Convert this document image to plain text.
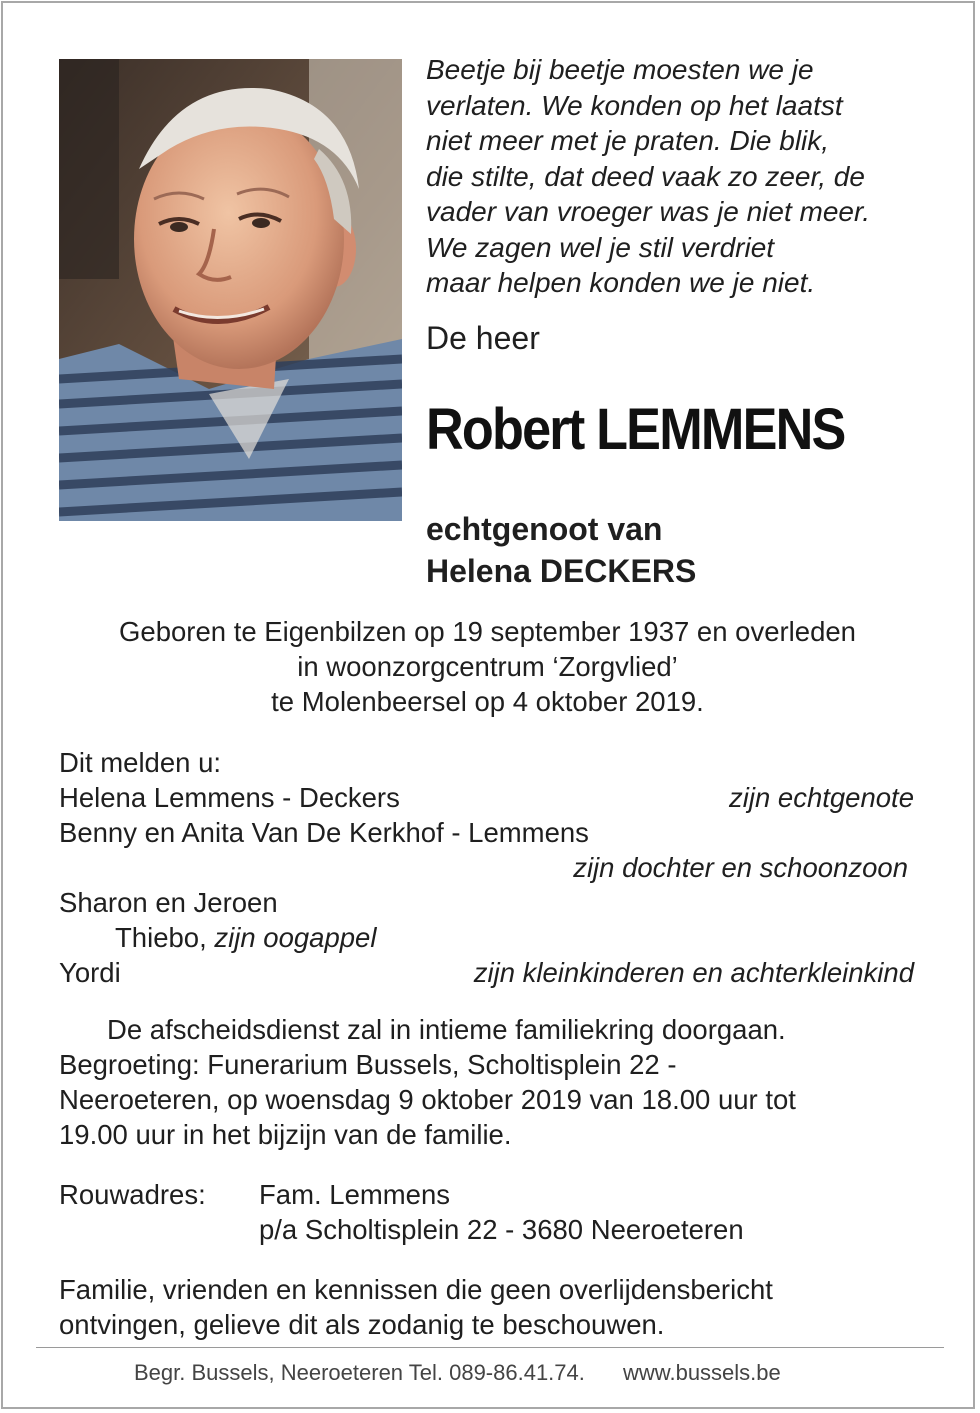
Beetje bij beetje moesten we je
verlaten. We konden op het laatst
niet meer met je praten. Die blik,
die stilte, dat deed vaak zo zeer, de
vader van vroeger was je niet meer.
We zagen wel je stil verdriet
maar helpen konden we je niet.
De heer
Robert LEMMENS
echtgenoot van
Helena DECKERS
Geboren te Eigenbilzen op 19 september 1937 en overleden
in woonzorgcentrum ‘Zorgvlied’
te Molenbeersel op 4 oktober 2019.
Dit melden u:
Helena Lemmens - Deckers	zijn echtgenote
Benny en Anita Van De Kerkhof - Lemmens
zijn dochter en schoonzoon
Sharon en Jeroen
Thiebo, zijn oogappel
Yordi	zijn kleinkinderen en achterkleinkind
De afscheidsdienst zal in intieme familiekring doorgaan.
Begroeting: Funerarium Bussels, Scholtisplein 22 -
Neeroeteren, op woensdag 9 oktober 2019 van 18.00 uur tot
19.00 uur in het bijzijn van de familie.
Rouwadres: Fam. Lemmens
p/a Scholtisplein 22 - 3680 Neeroeteren
Familie, vrienden en kennissen die geen overlijdensbericht
ontvingen, gelieve dit als zodanig te beschouwen.
Begr. Bussels, Neeroeteren Tel. 089-86.41.74. www.bussels.be
